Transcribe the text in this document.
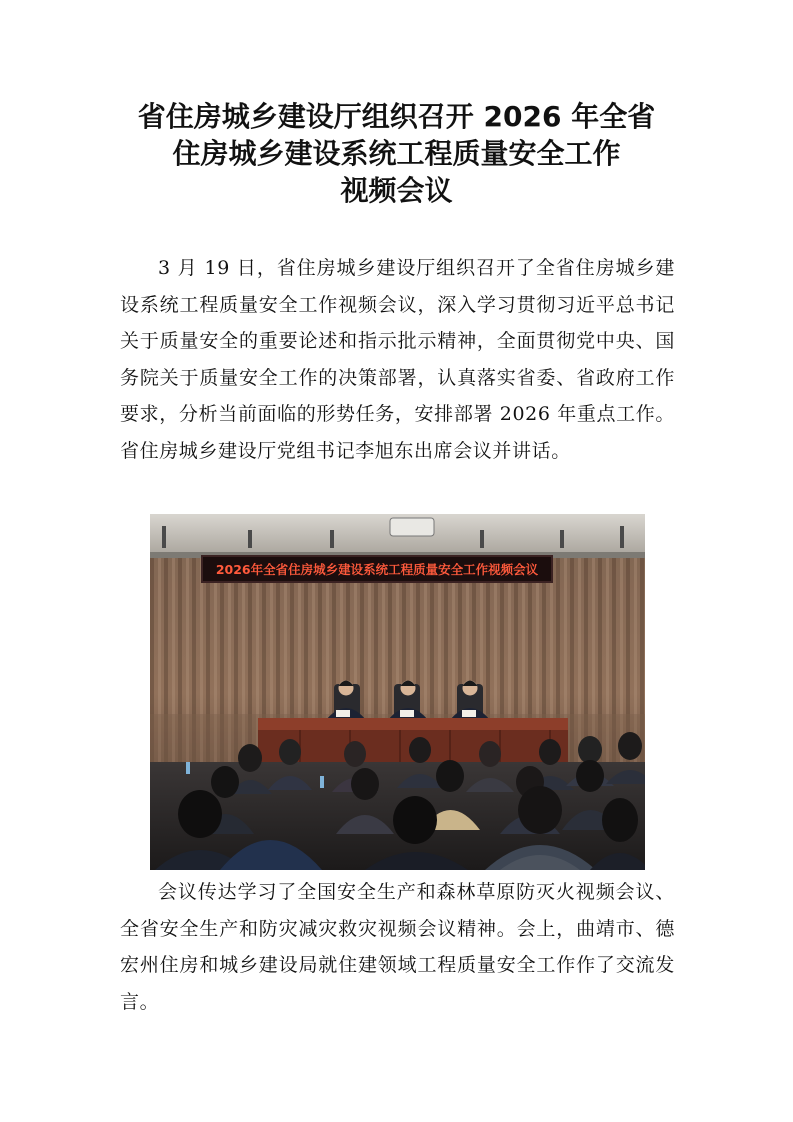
省住房城乡建设厅组织召开 2026 年全省
住房城乡建设系统工程质量安全工作
视频会议

3 月 19 日，省住房城乡建设厅组织召开了全省住房城乡建设系统工程质量安全工作视频会议，深入学习贯彻习近平总书记关于质量安全的重要论述和指示批示精神，全面贯彻党中央、国务院关于质量安全工作的决策部署，认真落实省委、省政府工作要求，分析当前面临的形势任务，安排部署 2026 年重点工作。省住房城乡建设厅党组书记李旭东出席会议并讲话。

2026年全省住房城乡建设系统工程质量安全工作视频会议

会议传达学习了全国安全生产和森林草原防灭火视频会议、全省安全生产和防灾减灾救灾视频会议精神。会上，曲靖市、德宏州住房和城乡建设局就住建领域工程质量安全工作作了交流发言。
